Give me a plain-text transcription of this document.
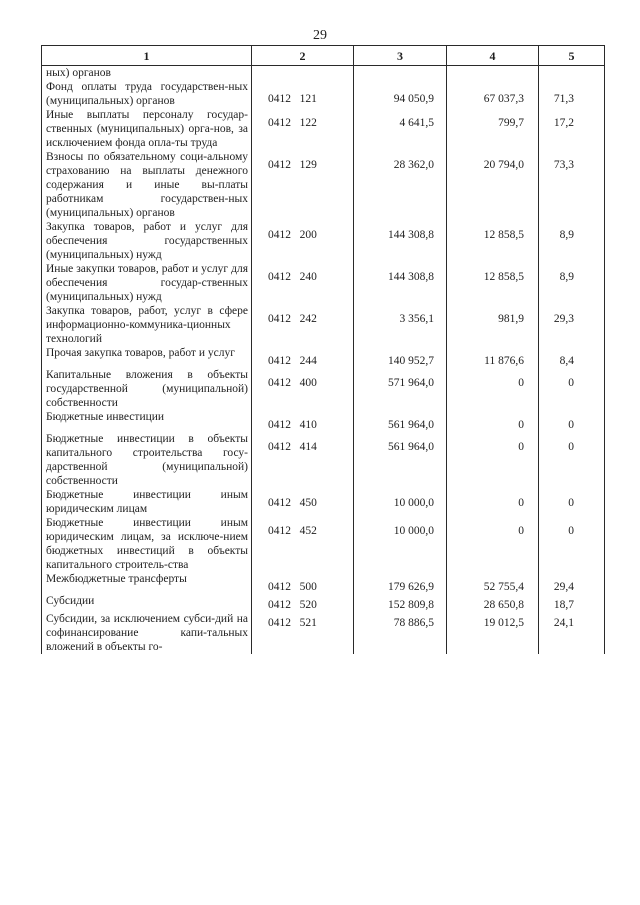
29
1	2	3	4	5
ных) органов				
Фонд оплаты труда государствен-ных (муниципальных) органов	0412   121	94 050,9	67 037,3	71,3
Иные выплаты персоналу государ-ственных (муниципальных) орга-нов, за исключением фонда опла-ты труда	0412   122	4 641,5	799,7	17,2
Взносы по обязательному соци-альному страхованию на выплаты денежного содержания и иные вы-платы работникам государствен-ных (муниципальных) органов	0412   129	28 362,0	20 794,0	73,3
Закупка товаров, работ и услуг для обеспечения государственных (муниципальных) нужд	0412   200	144 308,8	12 858,5	8,9
Иные закупки товаров, работ и услуг для обеспечения государ-ственных (муниципальных) нужд	0412   240	144 308,8	12 858,5	8,9
Закупка товаров, работ, услуг в сфере информационно-коммуника-ционных технологий	0412   242	3 356,1	981,9	29,3
Прочая закупка товаров, работ и услуг	0412   244	140 952,7	11 876,6	8,4
Капитальные вложения в объекты государственной (муниципальной) собственности	0412   400	571 964,0	0	0
Бюджетные инвестиции	0412   410	561 964,0	0	0
Бюджетные инвестиции в объекты капитального строительства госу-дарственной (муниципальной) собственности	0412   414	561 964,0	0	0
Бюджетные инвестиции иным юридическим лицам	0412   450	10 000,0	0	0
Бюджетные инвестиции иным юридическим лицам, за исключе-нием бюджетных инвестиций в объекты капитального строитель-ства	0412   452	10 000,0	0	0
Межбюджетные трансферты	0412   500	179 626,9	52 755,4	29,4
Субсидии	0412   520	152 809,8	28 650,8	18,7
Субсидии, за исключением субси-дий на софинансирование капи-тальных вложений в объекты го-	0412   521	78 886,5	19 012,5	24,1
